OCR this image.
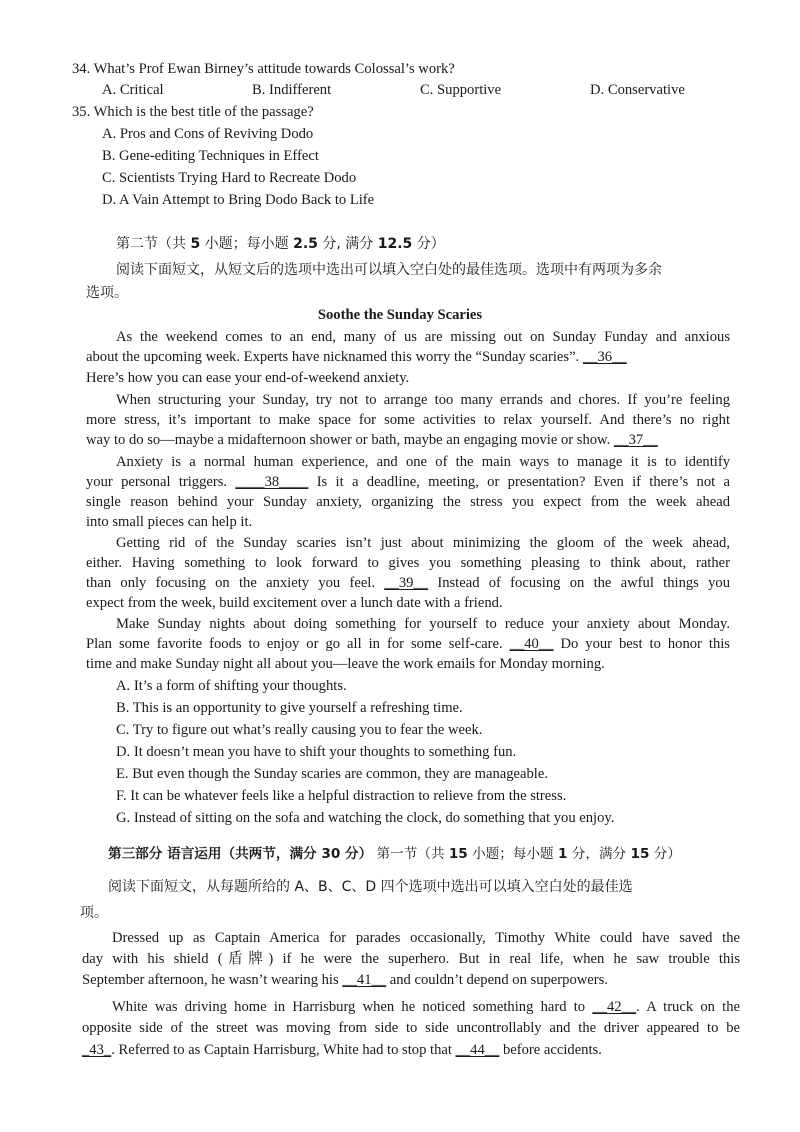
34. What’s Prof Ewan Birney’s attitude towards Colossal’s work?
A. Critical	B. Indifferent	C. Supportive	D. Conservative
35. Which is the best title of the passage?
A. Pros and Cons of Reviving Dodo
B. Gene-editing Techniques in Effect
C. Scientists Trying Hard to Recreate Dodo
D. A Vain Attempt to Bring Dodo Back to Life
第二节（共 5 小题；每小题 2.5 分, 满分 12.5 分）
阅读下面短文，从短文后的选项中选出可以填入空白处的最佳选项。选项中有两项为多余
选项。
Soothe the Sunday Scaries
As the weekend comes to an end, many of us are missing out on Sunday Funday and anxious
about the upcoming week. Experts have nicknamed this worry the “Sunday scaries”. __36__
Here’s how you can ease your end-of-weekend anxiety.
When structuring your Sunday, try not to arrange too many errands and chores. If you’re feeling
more stress, it’s important to make space for some activities to relax yourself. And there’s no right
way to do so—maybe a midafternoon shower or bath, maybe an engaging movie or show. __37__
Anxiety is a normal human experience, and one of the main ways to manage it is to identify
your personal triggers. ____38____ Is it a deadline, meeting, or presentation? Even if there’s not a
single reason behind your Sunday anxiety, organizing the stress you expect from the week ahead
into small pieces can help it.
Getting rid of the Sunday scaries isn’t just about minimizing the gloom of the week ahead,
either. Having something to look forward to gives you something pleasing to think about, rather
than only focusing on the anxiety you feel. __39__ Instead of focusing on the awful things you
expect from the week, build excitement over a lunch date with a friend.
Make Sunday nights about doing something for yourself to reduce your anxiety about Monday.
Plan some favorite foods to enjoy or go all in for some self-care. __40__ Do your best to honor this
time and make Sunday night all about you—leave the work emails for Monday morning.
A. It’s a form of shifting your thoughts.
B. This is an opportunity to give yourself a refreshing time.
C. Try to figure out what’s really causing you to fear the week.
D. It doesn’t mean you have to shift your thoughts to something fun.
E. But even though the Sunday scaries are common, they are manageable.
F. It can be whatever feels like a helpful distraction to relieve from the stress.
G. Instead of sitting on the sofa and watching the clock, do something that you enjoy.
第三部分 语言运用（共两节，满分 30 分） 第一节（共 15 小题；每小题 1 分，满分 15 分）
阅读下面短文，从每题所给的 A、B、C、D 四个选项中选出可以填入空白处的最佳选
项。
Dressed up as Captain America for parades occasionally, Timothy White could have saved the
day with his shield (盾牌) if he were the superhero. But in real life, when he saw trouble this
September afternoon, he wasn’t wearing his __41__ and couldn’t depend on superpowers.
White was driving home in Harrisburg when he noticed something hard to __42__. A truck on the
opposite side of the street was moving from side to side uncontrollably and the driver appeared to be
_43_. Referred to as Captain Harrisburg, White had to stop that __44__ before accidents.
